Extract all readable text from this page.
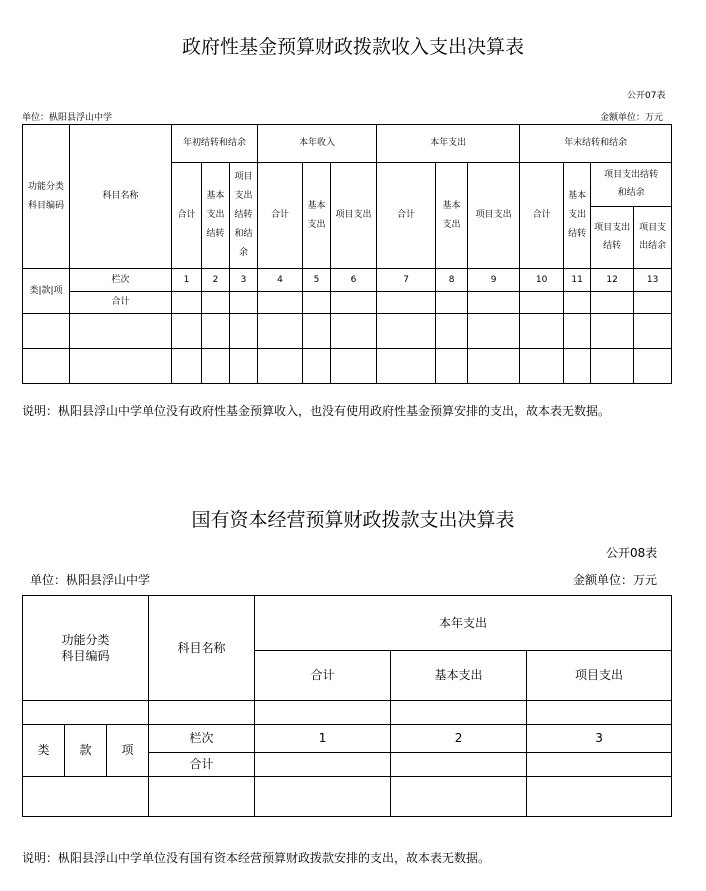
政府性基金预算财政拨款收入支出决算表
公开07表
单位：枞阳县浮山中学	金额单位：万元
功能分类科目编码	科目名称	年初结转和结余			本年收入			本年支出			年末结转和结余			
		合计	基本支出结转	项目支出结转和结余	合计	基本支出	项目支出	合计	基本支出	项目支出	合计	基本支出结转	项目支出结转和结余	
													项目支出结转	项目支出结余
类|款|项	栏次	1	2	3	4	5	6	7	8	9	10	11	12	13
	合计													

说明：枞阳县浮山中学单位没有政府性基金预算收入，也没有使用政府性基金预算安排的支出，故本表无数据。
国有资本经营预算财政拨款支出决算表
公开08表
单位：枞阳县浮山中学	金额单位：万元
功能分类
科目编码			科目名称	本年支出		
				合计	基本支出	项目支出

类	款	项	栏次	1	2	3
			合计			

说明：枞阳县浮山中学单位没有国有资本经营预算财政拨款安排的支出，故本表无数据。
